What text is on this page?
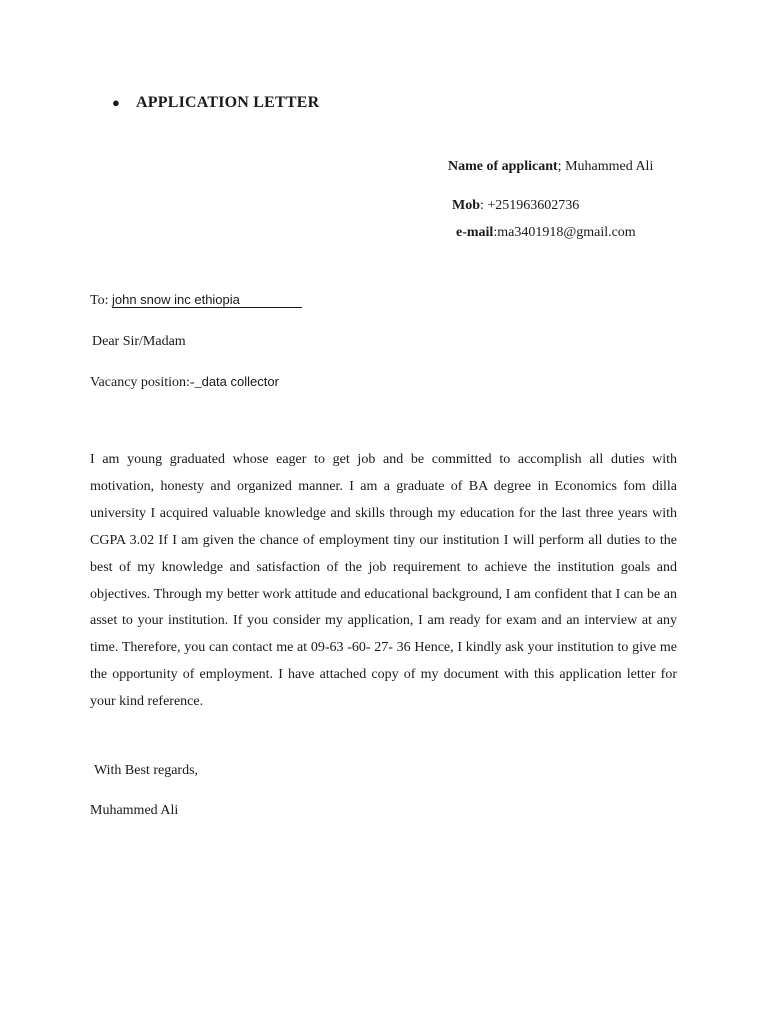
● APPLICATION LETTER
Name of applicant; Muhammed Ali
Mob: +251963602736
e-mail:ma3401918@gmail.com
To: john snow inc ethiopia
Dear Sir/Madam
Vacancy position:-_data collector

I am young graduated whose eager to get job and be committed to accomplish all duties with motivation, honesty and organized manner. I am a graduate of BA degree in Economics fom dilla university I acquired valuable knowledge and skills through my education for the last three years with CGPA 3.02 If I am given the chance of employment tiny our institution I will perform all duties to the best of my knowledge and satisfaction of the job requirement to achieve the institution goals and objectives. Through my better work attitude and educational background, I am confident that I can be an asset to your institution. If you consider my application, I am ready for exam and an interview at any time. Therefore, you can contact me at 09-63 -60- 27- 36 Hence, I kindly ask your institution to give me the opportunity of employment. I have attached copy of my document with this application letter for your kind reference.

With Best regards,
Muhammed Ali
